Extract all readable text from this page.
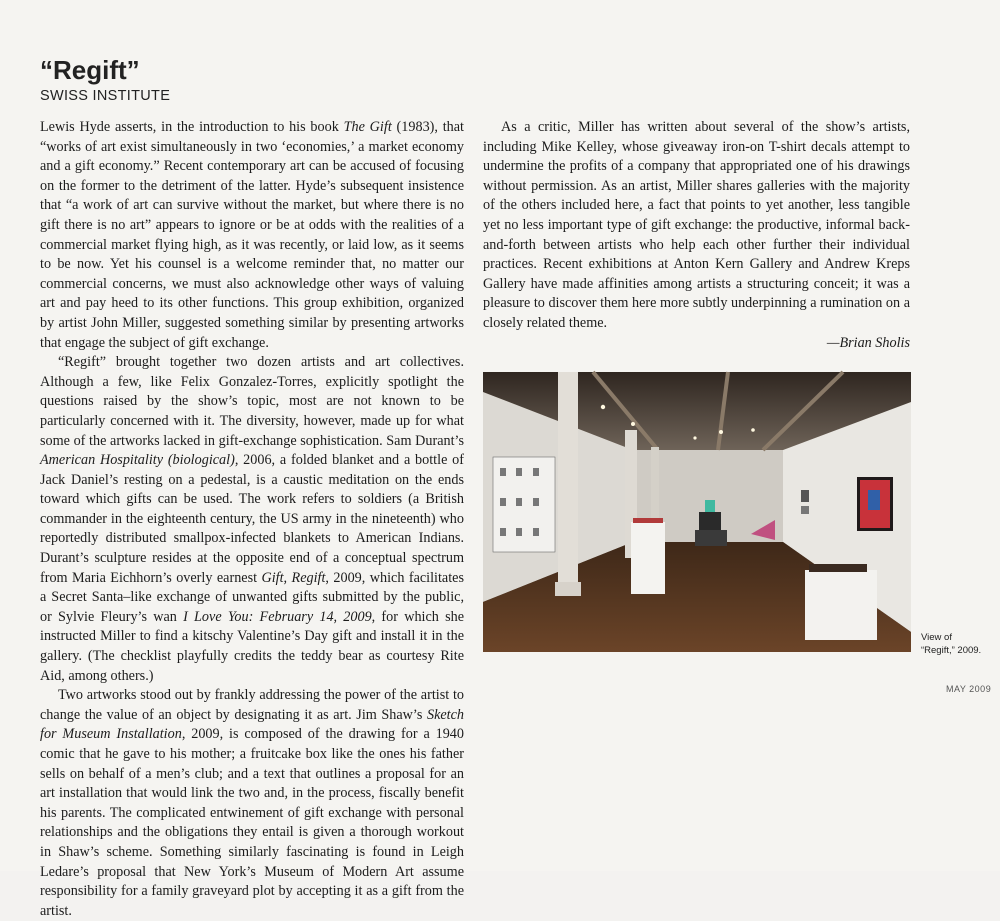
“Regift”
SWISS INSTITUTE

Lewis Hyde asserts, in the introduction to his book The Gift (1983), that “works of art exist simultaneously in two ‘economies,’ a market economy and a gift economy.” Recent contemporary art can be accused of focusing on the former to the detriment of the latter. Hyde’s subsequent insistence that “a work of art can survive without the market, but where there is no gift there is no art” appears to ignore or be at odds with the realities of a commercial market flying high, as it was recently, or laid low, as it seems to be now. Yet his counsel is a welcome reminder that, no matter our commercial concerns, we must also acknowledge other ways of valuing art and pay heed to its other functions. This group exhibition, organized by artist John Miller, suggested something similar by presenting artworks that engage the subject of gift exchange.

“Regift” brought together two dozen artists and art collectives. Although a few, like Felix Gonzalez-Torres, explicitly spotlight the questions raised by the show’s topic, most are not known to be particularly concerned with it. The diversity, however, made up for what some of the artworks lacked in gift-exchange sophistication. Sam Durant’s American Hospitality (biological), 2006, a folded blanket and a bottle of Jack Daniel’s resting on a pedestal, is a caustic meditation on the ends toward which gifts can be used. The work refers to soldiers (a British commander in the eighteenth century, the US army in the nineteenth) who reportedly distributed smallpox-infected blankets to American Indians. Durant’s sculpture resides at the opposite end of a conceptual spectrum from Maria Eichhorn’s overly earnest Gift, Regift, 2009, which facilitates a Secret Santa–like exchange of unwanted gifts submitted by the public, or Sylvie Fleury’s wan I Love You: February 14, 2009, for which she instructed Miller to find a kitschy Valentine’s Day gift and install it in the gallery. (The checklist playfully credits the teddy bear as courtesy Rite Aid, among others.)

Two artworks stood out by frankly addressing the power of the artist to change the value of an object by designating it as art. Jim Shaw’s Sketch for Museum Installation, 2009, is composed of the drawing for a 1940 comic that he gave to his mother; a fruitcake box like the ones his father sells on behalf of a men’s club; and a text that outlines a proposal for an art installation that would link the two and, in the process, fiscally benefit his parents. The complicated entwinement of gift exchange with personal relationships and the obligations they entail is given a thorough workout in Shaw’s scheme. Something similarly fascinating is found in Leigh Ledare’s proposal that New York’s Museum of Modern Art assume responsibility for a family graveyard plot by accepting it as a gift from the artist.

As a critic, Miller has written about several of the show’s artists, including Mike Kelley, whose giveaway iron-on T-shirt decals attempt to undermine the profits of a company that appropriated one of his drawings without permission. As an artist, Miller shares galleries with the majority of the others included here, a fact that points to yet another, less tangible yet no less important type of gift exchange: the productive, informal back-and-forth between artists who help each other further their individual practices. Recent exhibitions at Anton Kern Gallery and Andrew Kreps Gallery have made affinities among artists a structuring conceit; it was a pleasure to discover them here more subtly underpinning a rumination on a closely related theme.

—Brian Sholis
View of
“Regift,” 2009.
MAY 2009
